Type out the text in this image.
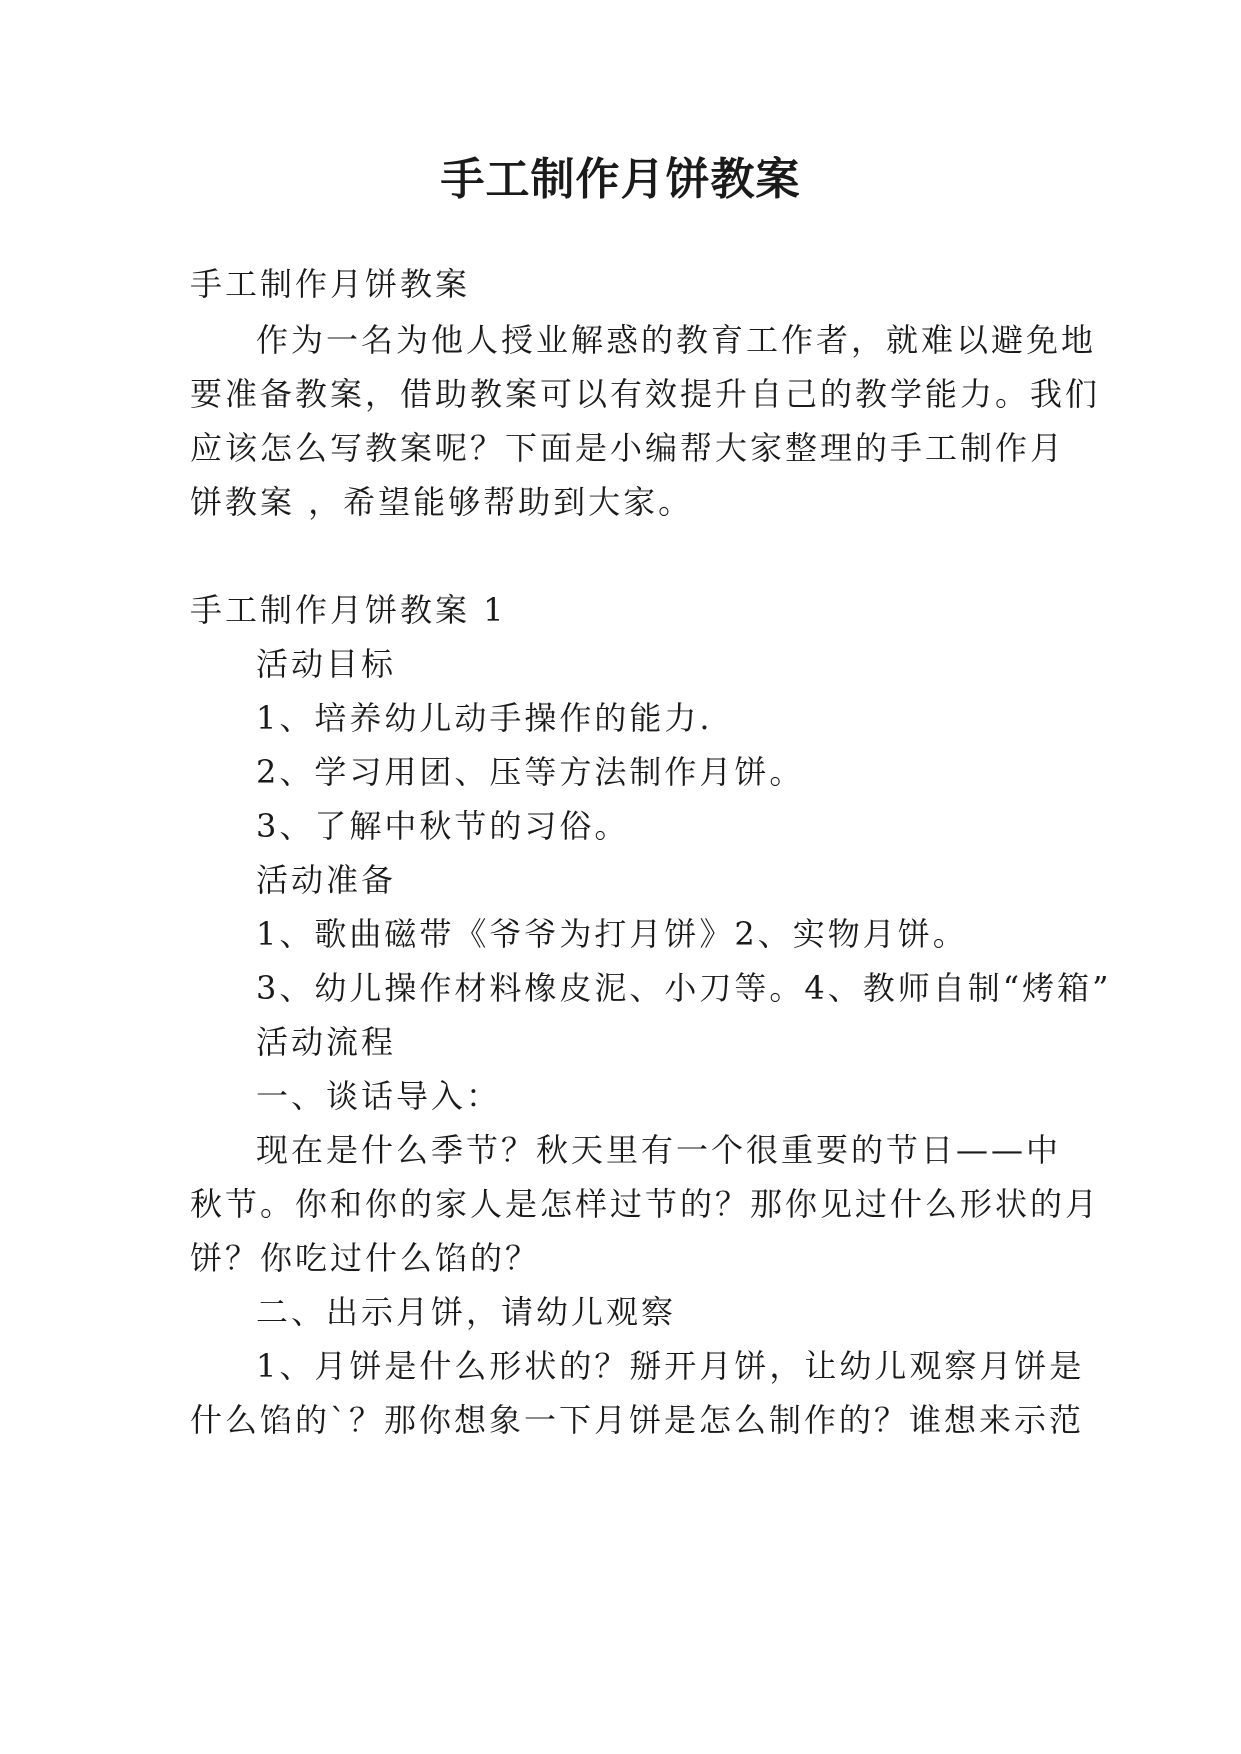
手工制作月饼教案
手工制作月饼教案
作为一名为他人授业解惑的教育工作者，就难以避免地
要准备教案，借助教案可以有效提升自己的教学能力。我们
应该怎么写教案呢？下面是小编帮大家整理的手工制作月
饼教案 ，希望能够帮助到大家。
手工制作月饼教案 1
活动目标
1、培养幼儿动手操作的能力.
2、学习用团、压等方法制作月饼。
3、了解中秋节的习俗。
活动准备
1、歌曲磁带《爷爷为打月饼》2、实物月饼。
3、幼儿操作材料橡皮泥、小刀等。4、教师自制“烤箱”
活动流程
一、谈话导入：
现在是什么季节？秋天里有一个很重要的节日——中
秋节。你和你的家人是怎样过节的？那你见过什么形状的月
饼？你吃过什么馅的？
二、出示月饼，请幼儿观察
1、月饼是什么形状的？掰开月饼，让幼儿观察月饼是
什么馅的`？那你想象一下月饼是怎么制作的？谁想来示范
